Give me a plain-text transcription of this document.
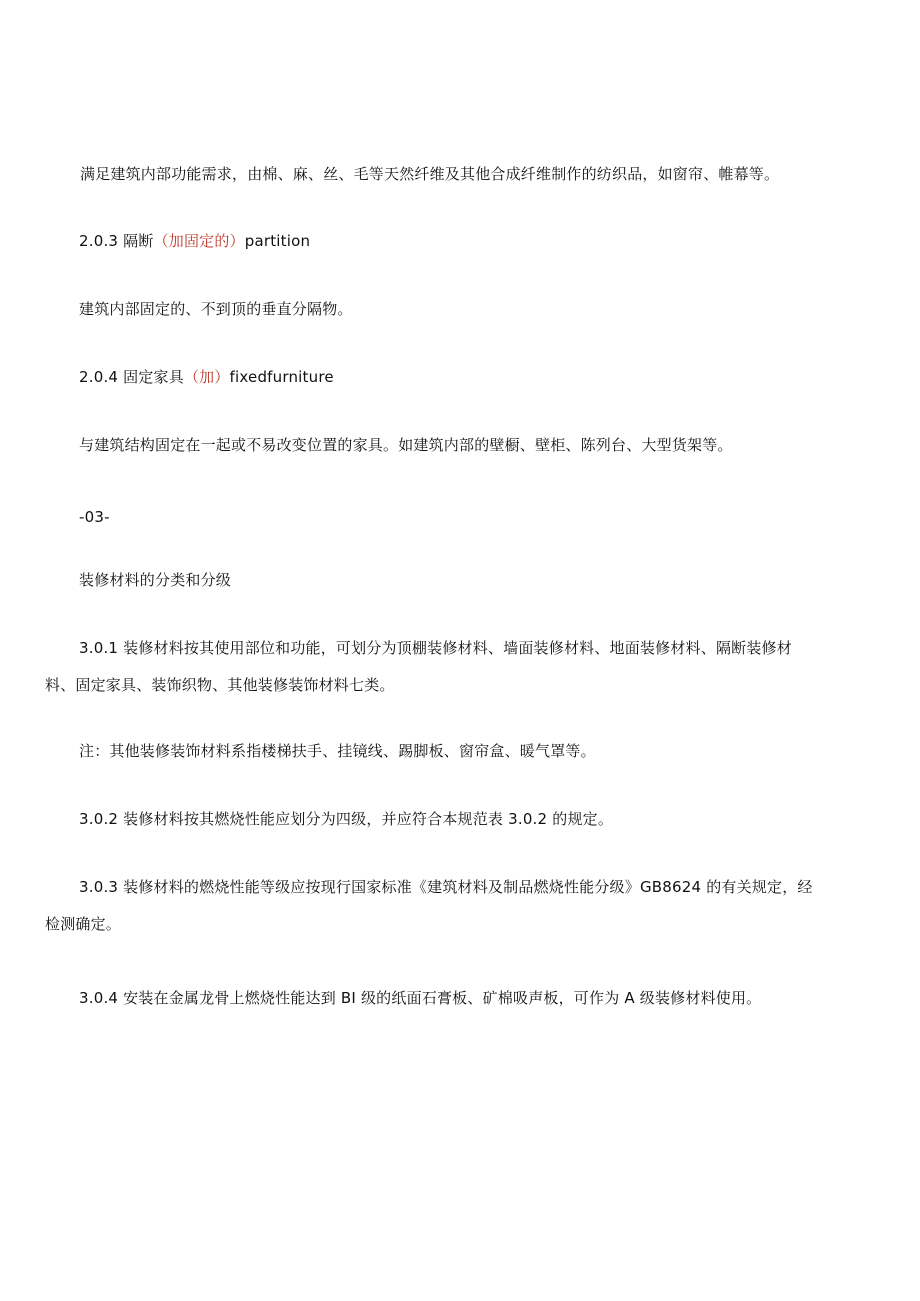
满足建筑内部功能需求，由棉、麻、丝、毛等天然纤维及其他合成纤维制作的纺织品，如窗帘、帷幕等。
2.0.3 隔断（加固定的）partition
建筑内部固定的、不到顶的垂直分隔物。
2.0.4 固定家具（加）fixedfurniture
与建筑结构固定在一起或不易改变位置的家具。如建筑内部的壁橱、壁柜、陈列台、大型货架等。
-03-
装修材料的分类和分级
3.0.1 装修材料按其使用部位和功能，可划分为顶棚装修材料、墙面装修材料、地面装修材料、隔断装修材
料、固定家具、装饰织物、其他装修装饰材料七类。
注：其他装修装饰材料系指楼梯扶手、挂镜线、踢脚板、窗帘盒、暖气罩等。
3.0.2 装修材料按其燃烧性能应划分为四级，并应符合本规范表 3.0.2 的规定。
3.0.3 装修材料的燃烧性能等级应按现行国家标准《建筑材料及制品燃烧性能分级》GB8624 的有关规定，经
检测确定。
3.0.4 安装在金属龙骨上燃烧性能达到 BI 级的纸面石膏板、矿棉吸声板，可作为 A 级装修材料使用。
